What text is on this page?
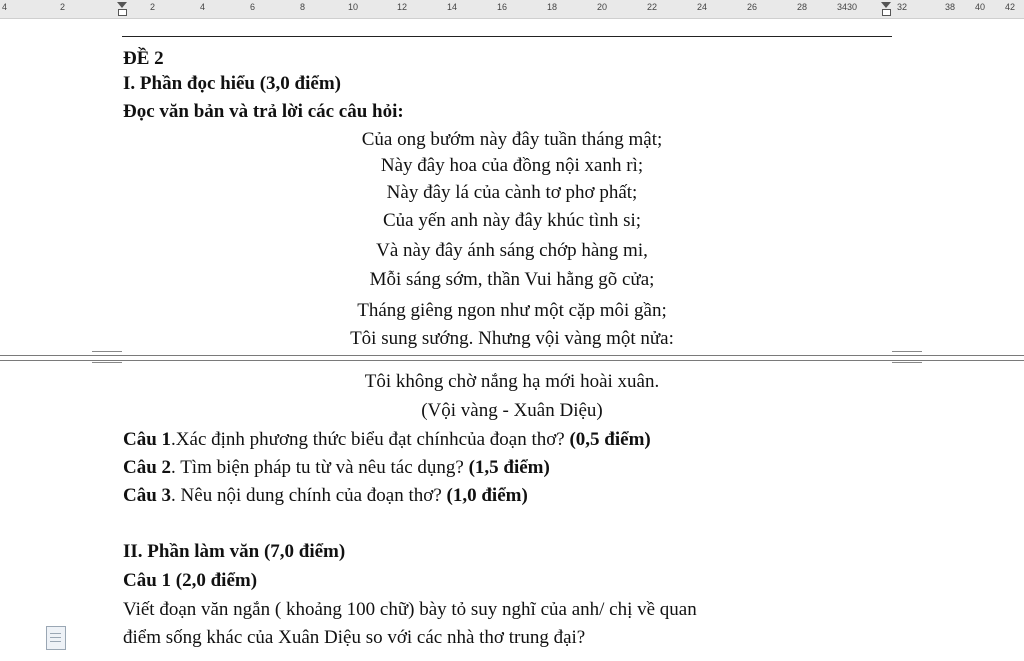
4	2	2	4	6	8	10	12	14	16	18	20	22	24	26	28	30	32
34	38 40 42
ĐỀ 2
I. Phần đọc hiểu (3,0 điểm)
Đọc văn bản và trả lời các câu hỏi:
Của ong bướm này đây tuần tháng mật;
Này đây hoa của đồng nội xanh rì;
Này đây lá của cành tơ phơ phất;
Của yến anh này đây khúc tình si;
Và này đây ánh sáng chớp hàng mi,
Mỗi sáng sớm, thần Vui hằng gõ cửa;
Tháng giêng ngon như một cặp môi gần;
Tôi sung sướng. Nhưng vội vàng một nửa:
Tôi không chờ nắng hạ mới hoài xuân.
(Vội vàng - Xuân Diệu)
Câu 1.Xác định phương thức biểu đạt chínhcủa đoạn thơ? (0,5 điểm)
Câu 2. Tìm biện pháp tu từ và nêu tác dụng? (1,5 điểm)
Câu 3. Nêu nội dung chính của đoạn thơ? (1,0 điểm)
II. Phần làm văn (7,0 điểm)
Câu 1 (2,0 điểm)
Viết đoạn văn ngắn ( khoảng 100 chữ) bày tỏ suy nghĩ của anh/ chị về quan
điểm sống khác của Xuân Diệu so với các nhà thơ trung đại?
